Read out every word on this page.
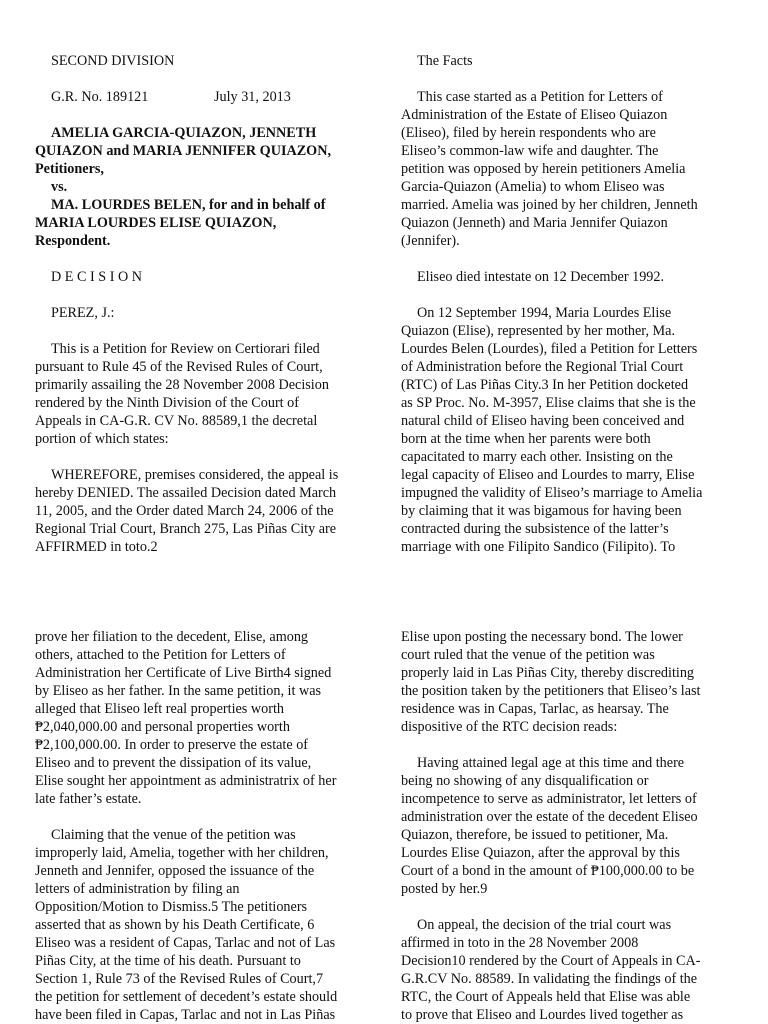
SECOND DIVISION

G.R. No. 189121	July 31, 2013

AMELIA GARCIA-QUIAZON, JENNETH
QUIAZON and MARIA JENNIFER QUIAZON,
Petitioners,

vs.

MA. LOURDES BELEN, for and in behalf of
MARIA LOURDES ELISE QUIAZON,
Respondent.

D E C I S I O N

PEREZ, J.:

This is a Petition for Review on Certiorari filed
pursuant to Rule 45 of the Revised Rules of Court,
primarily assailing the 28 November 2008 Decision
rendered by the Ninth Division of the Court of
Appeals in CA-G.R. CV No. 88589,1 the decretal
portion of which states:

WHEREFORE, premises considered, the appeal is
hereby DENIED. The assailed Decision dated March
11, 2005, and the Order dated March 24, 2006 of the
Regional Trial Court, Branch 275, Las Piñas City are
AFFIRMED in toto.2

The Facts

This case started as a Petition for Letters of
Administration of the Estate of Eliseo Quiazon
(Eliseo), filed by herein respondents who are
Eliseo’s common-law wife and daughter. The
petition was opposed by herein petitioners Amelia
Garcia-Quiazon (Amelia) to whom Eliseo was
married. Amelia was joined by her children, Jenneth
Quiazon (Jenneth) and Maria Jennifer Quiazon
(Jennifer).

Eliseo died intestate on 12 December 1992.

On 12 September 1994, Maria Lourdes Elise
Quiazon (Elise), represented by her mother, Ma.
Lourdes Belen (Lourdes), filed a Petition for Letters
of Administration before the Regional Trial Court
(RTC) of Las Piñas City.3 In her Petition docketed
as SP Proc. No. M-3957, Elise claims that she is the
natural child of Eliseo having been conceived and
born at the time when her parents were both
capacitated to marry each other. Insisting on the
legal capacity of Eliseo and Lourdes to marry, Elise
impugned the validity of Eliseo’s marriage to Amelia
by claiming that it was bigamous for having been
contracted during the subsistence of the latter’s
marriage with one Filipito Sandico (Filipito). To

prove her filiation to the decedent, Elise, among
others, attached to the Petition for Letters of
Administration her Certificate of Live Birth4 signed
by Eliseo as her father. In the same petition, it was
alleged that Eliseo left real properties worth
₱2,040,000.00 and personal properties worth
₱2,100,000.00. In order to preserve the estate of
Eliseo and to prevent the dissipation of its value,
Elise sought her appointment as administratrix of her
late father’s estate.

Claiming that the venue of the petition was
improperly laid, Amelia, together with her children,
Jenneth and Jennifer, opposed the issuance of the
letters of administration by filing an
Opposition/Motion to Dismiss.5 The petitioners
asserted that as shown by his Death Certificate, 6
Eliseo was a resident of Capas, Tarlac and not of Las
Piñas City, at the time of his death. Pursuant to
Section 1, Rule 73 of the Revised Rules of Court,7
the petition for settlement of decedent’s estate should
have been filed in Capas, Tarlac and not in Las Piñas

Elise upon posting the necessary bond. The lower
court ruled that the venue of the petition was
properly laid in Las Piñas City, thereby discrediting
the position taken by the petitioners that Eliseo’s last
residence was in Capas, Tarlac, as hearsay. The
dispositive of the RTC decision reads:

Having attained legal age at this time and there
being no showing of any disqualification or
incompetence to serve as administrator, let letters of
administration over the estate of the decedent Eliseo
Quiazon, therefore, be issued to petitioner, Ma.
Lourdes Elise Quiazon, after the approval by this
Court of a bond in the amount of ₱100,000.00 to be
posted by her.9

On appeal, the decision of the trial court was
affirmed in toto in the 28 November 2008
Decision10 rendered by the Court of Appeals in CA-
G.R.CV No. 88589. In validating the findings of the
RTC, the Court of Appeals held that Elise was able
to prove that Eliseo and Lourdes lived together as
